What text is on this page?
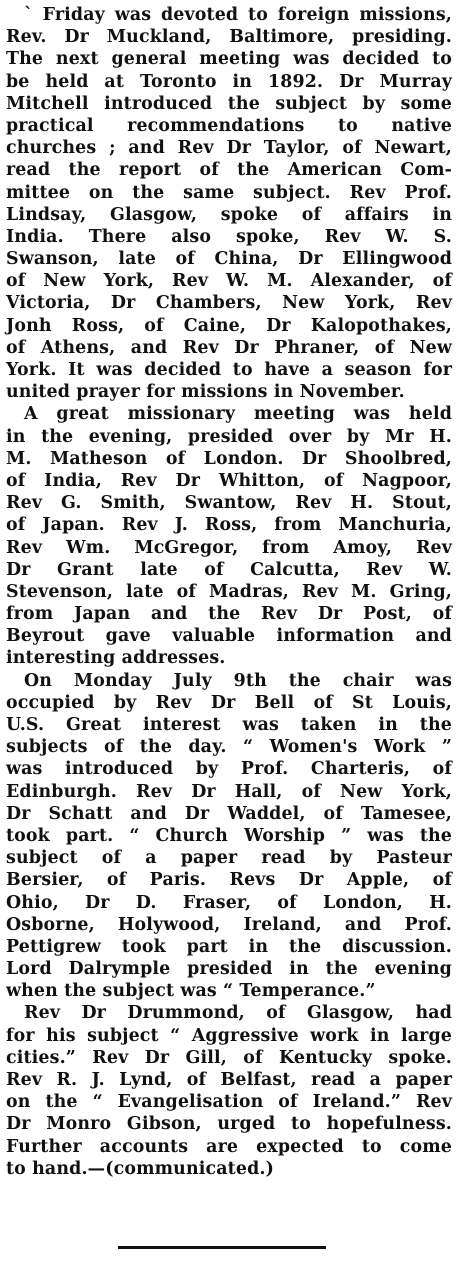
` Friday was devoted to foreign missions,
Rev. Dr Muckland, Baltimore, presiding.
The next general meeting was decided to
be held at Toronto in 1892. Dr Murray
Mitchell introduced the subject by some
practical recommendations to native
churches ; and Rev Dr Taylor, of Newart,
read the report of the American Com-
mittee on the same subject. Rev Prof.
Lindsay, Glasgow, spoke of affairs in
India. There also spoke, Rev W. S.
Swanson, late of China, Dr Ellingwood
of New York, Rev W. M. Alexander, of
Victoria, Dr Chambers, New York, Rev
Jonh Ross, of Caine, Dr Kalopothakes,
of Athens, and Rev Dr Phraner, of New
York. It was decided to have a season for
united prayer for missions in November.
A great missionary meeting was held
in the evening, presided over by Mr H.
M. Matheson of London. Dr Shoolbred,
of India, Rev Dr Whitton, of Nagpoor,
Rev G. Smith, Swantow, Rev H. Stout,
of Japan. Rev J. Ross, from Manchuria,
Rev Wm. McGregor, from Amoy, Rev
Dr Grant late of Calcutta, Rev W.
Stevenson, late of Madras, Rev M. Gring,
from Japan and the Rev Dr Post, of
Beyrout gave valuable information and
interesting addresses.
On Monday July 9th the chair was
occupied by Rev Dr Bell of St Louis,
U.S. Great interest was taken in the
subjects of the day. “ Women's Work ”
was introduced by Prof. Charteris, of
Edinburgh. Rev Dr Hall, of New York,
Dr Schatt and Dr Waddel, of Tamesee,
took part. “ Church Worship ” was the
subject of a paper read by Pasteur
Bersier, of Paris. Revs Dr Apple, of
Ohio, Dr D. Fraser, of London, H.
Osborne, Holywood, Ireland, and Prof.
Pettigrew took part in the discussion.
Lord Dalrymple presided in the evening
when the subject was “ Temperance.”
Rev Dr Drummond, of Glasgow, had
for his subject “ Aggressive work in large
cities.” Rev Dr Gill, of Kentucky spoke.
Rev R. J. Lynd, of Belfast, read a paper
on the “ Evangelisation of Ireland.” Rev
Dr Monro Gibson, urged to hopefulness.
Further accounts are expected to come
to hand.—(communicated.)
